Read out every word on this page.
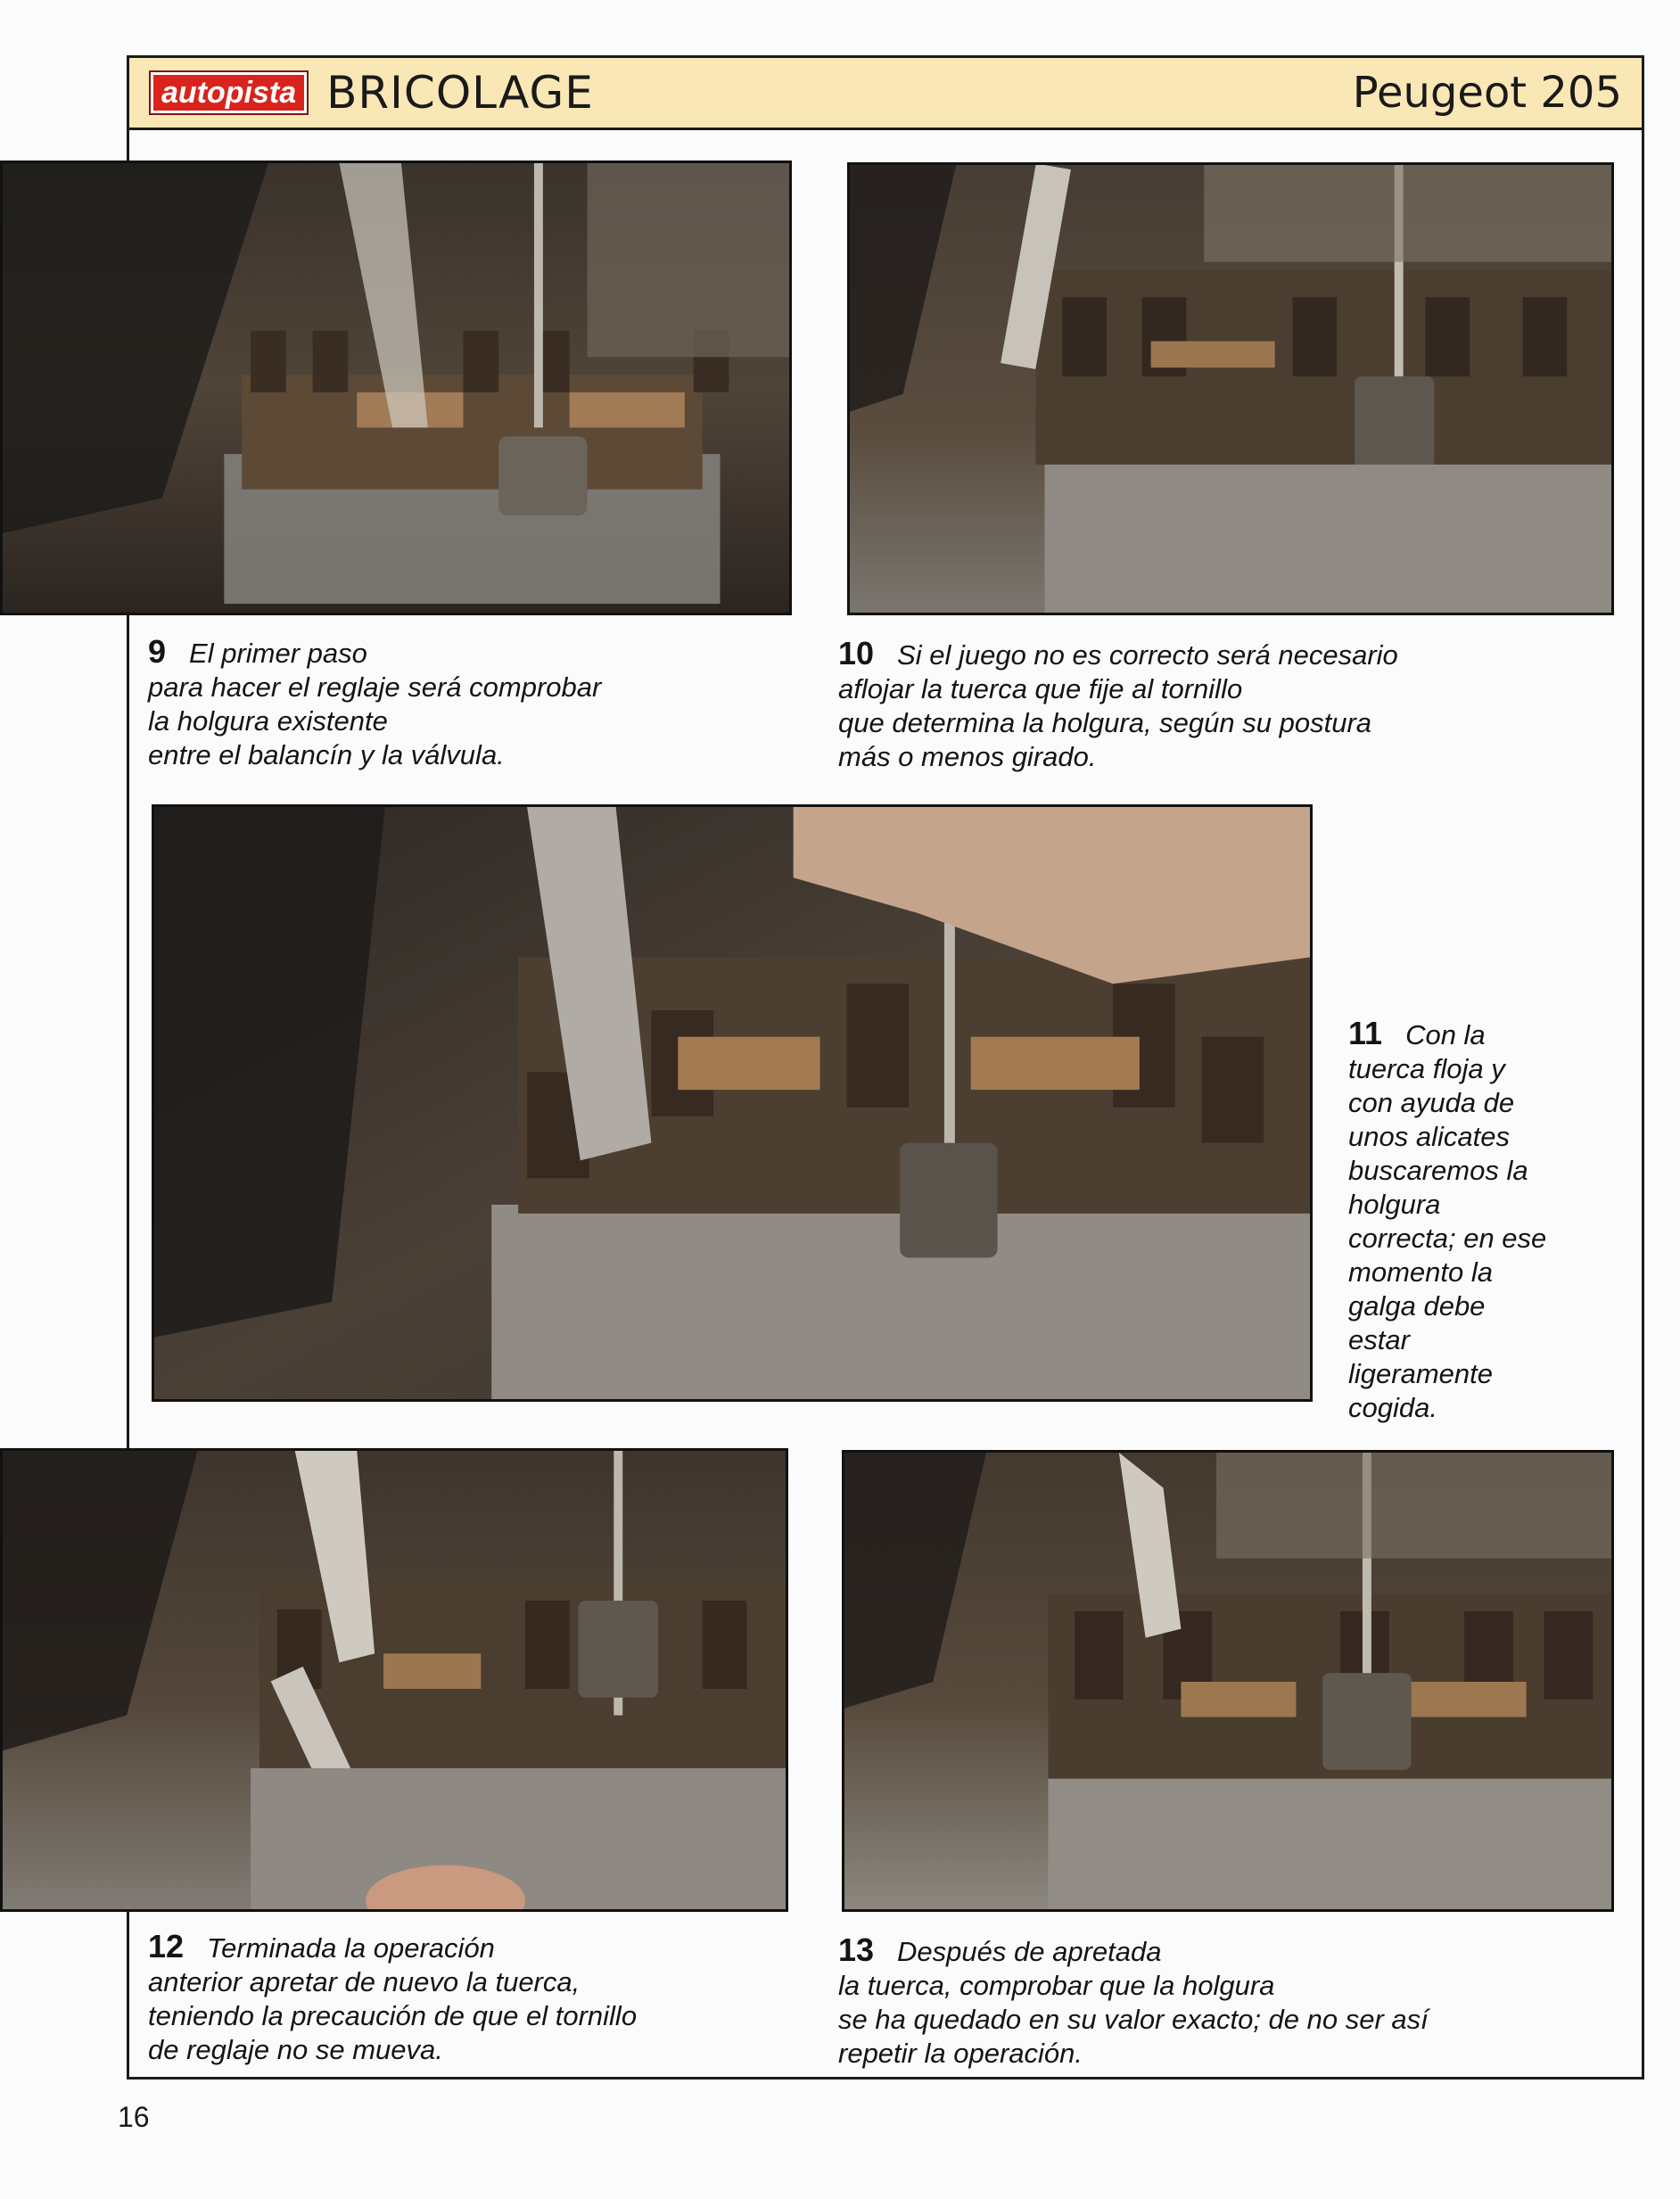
autopista BRICOLAGE	Peugeot 205
9 El primer paso
para hacer el reglaje será comprobar
la holgura existente
entre el balancín y la válvula.
10 Si el juego no es correcto será necesario
aflojar la tuerca que fije al tornillo
que determina la holgura, según su postura
más o menos girado.
11 Con la
tuerca floja y
con ayuda de
unos alicates
buscaremos la
holgura
correcta; en ese
momento la
galga debe
estar
ligeramente
cogida.
12 Terminada la operación
anterior apretar de nuevo la tuerca,
teniendo la precaución de que el tornillo
de reglaje no se mueva.
13 Después de apretada
la tuerca, comprobar que la holgura
se ha quedado en su valor exacto; de no ser así
repetir la operación.
16
